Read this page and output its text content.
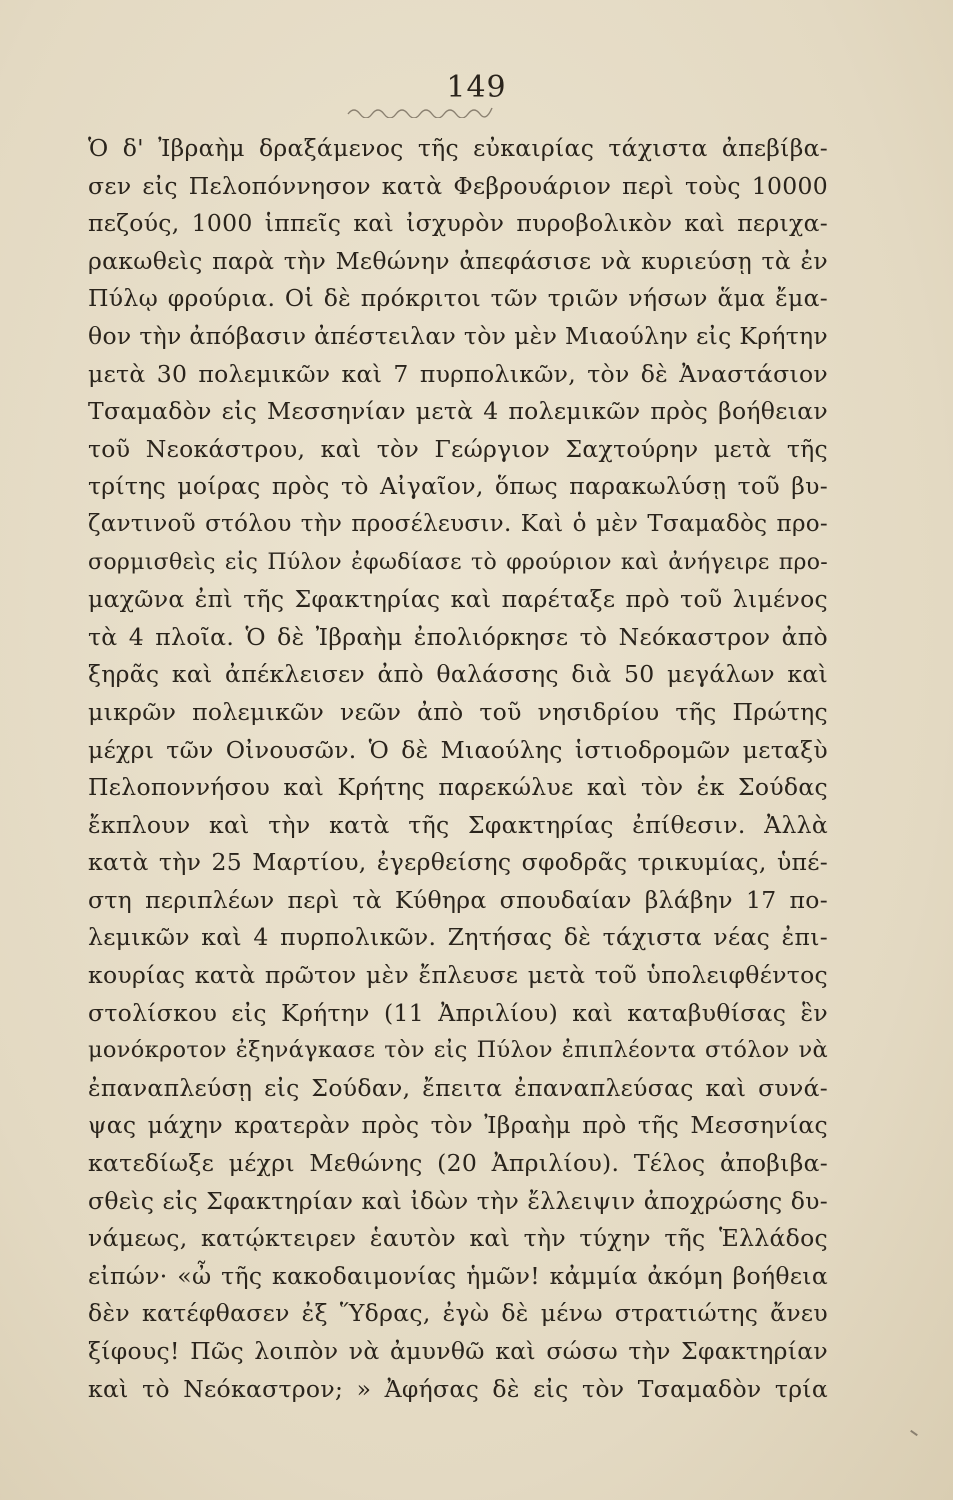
149
Ὁ δ' Ἰβραὴμ δραξάμενος τῆς εὐκαιρίας τάχιστα ἀπεβίβα-
σεν εἰς Πελοπόννησον κατὰ Φεβρουάριον περὶ τοὺς 10000
πεζούς, 1000 ἱππεῖς καὶ ἰσχυρὸν πυροβολικὸν καὶ περιχα-
ρακωθεὶς παρὰ τὴν Μεθώνην ἀπεφάσισε νὰ κυριεύσῃ τὰ ἐν
Πύλῳ φρούρια. Οἱ δὲ πρόκριτοι τῶν τριῶν νήσων ἅμα ἔμα-
θον τὴν ἀπόβασιν ἀπέστειλαν τὸν μὲν Μιαούλην εἰς Κρήτην
μετὰ 30 πολεμικῶν καὶ 7 πυρπολικῶν, τὸν δὲ Ἀναστάσιον
Τσαμαδὸν εἰς Μεσσηνίαν μετὰ 4 πολεμικῶν πρὸς βοήθειαν
τοῦ Νεοκάστρου, καὶ τὸν Γεώργιον Σαχτούρην μετὰ τῆς
τρίτης μοίρας πρὸς τὸ Αἰγαῖον, ὅπως παρακωλύσῃ τοῦ βυ-
ζαντινοῦ στόλου τὴν προσέλευσιν. Καὶ ὁ μὲν Τσαμαδὸς προ-
σορμισθεὶς εἰς Πύλον ἐφωδίασε τὸ φρούριον καὶ ἀνήγειρε προ-
μαχῶνα ἐπὶ τῆς Σφακτηρίας καὶ παρέταξε πρὸ τοῦ λιμένος
τὰ 4 πλοῖα. Ὁ δὲ Ἰβραὴμ ἐπολιόρκησε τὸ Νεόκαστρον ἀπὸ
ξηρᾶς καὶ ἀπέκλεισεν ἀπὸ θαλάσσης διὰ 50 μεγάλων καὶ
μικρῶν πολεμικῶν νεῶν ἀπὸ τοῦ νησιδρίου τῆς Πρώτης
μέχρι τῶν Οἰνουσῶν. Ὁ δὲ Μιαούλης ἱστιοδρομῶν μεταξὺ
Πελοποννήσου καὶ Κρήτης παρεκώλυε καὶ τὸν ἐκ Σούδας
ἔκπλουν καὶ τὴν κατὰ τῆς Σφακτηρίας ἐπίθεσιν. Ἀλλὰ
κατὰ τὴν 25 Μαρτίου, ἐγερθείσης σφοδρᾶς τρικυμίας, ὑπέ-
στη περιπλέων περὶ τὰ Κύθηρα σπουδαίαν βλάβην 17 πο-
λεμικῶν καὶ 4 πυρπολικῶν. Ζητήσας δὲ τάχιστα νέας ἐπι-
κουρίας κατὰ πρῶτον μὲν ἔπλευσε μετὰ τοῦ ὑπολειφθέντος
στολίσκου εἰς Κρήτην (11 Ἀπριλίου) καὶ καταβυθίσας ἓν
μονόκροτον ἐξηνάγκασε τὸν εἰς Πύλον ἐπιπλέοντα στόλον νὰ
ἐπαναπλεύσῃ εἰς Σούδαν, ἔπειτα ἐπαναπλεύσας καὶ συνά-
ψας μάχην κρατερὰν πρὸς τὸν Ἰβραὴμ πρὸ τῆς Μεσσηνίας
κατεδίωξε μέχρι Μεθώνης (20 Ἀπριλίου). Τέλος ἀποβιβα-
σθεὶς εἰς Σφακτηρίαν καὶ ἰδὼν τὴν ἔλλειψιν ἀποχρώσης δυ-
νάμεως, κατῴκτειρεν ἑαυτὸν καὶ τὴν τύχην τῆς Ἑλλάδος
εἰπών· «ὦ τῆς κακοδαιμονίας ἡμῶν! κἀμμία ἀκόμη βοήθεια
δὲν κατέφθασεν ἐξ Ὕδρας, ἐγὼ δὲ μένω στρατιώτης ἄνευ
ξίφους! Πῶς λοιπὸν νὰ ἀμυνθῶ καὶ σώσω τὴν Σφακτηρίαν
καὶ τὸ Νεόκαστρον; » Ἀφήσας δὲ εἰς τὸν Τσαμαδὸν τρία
